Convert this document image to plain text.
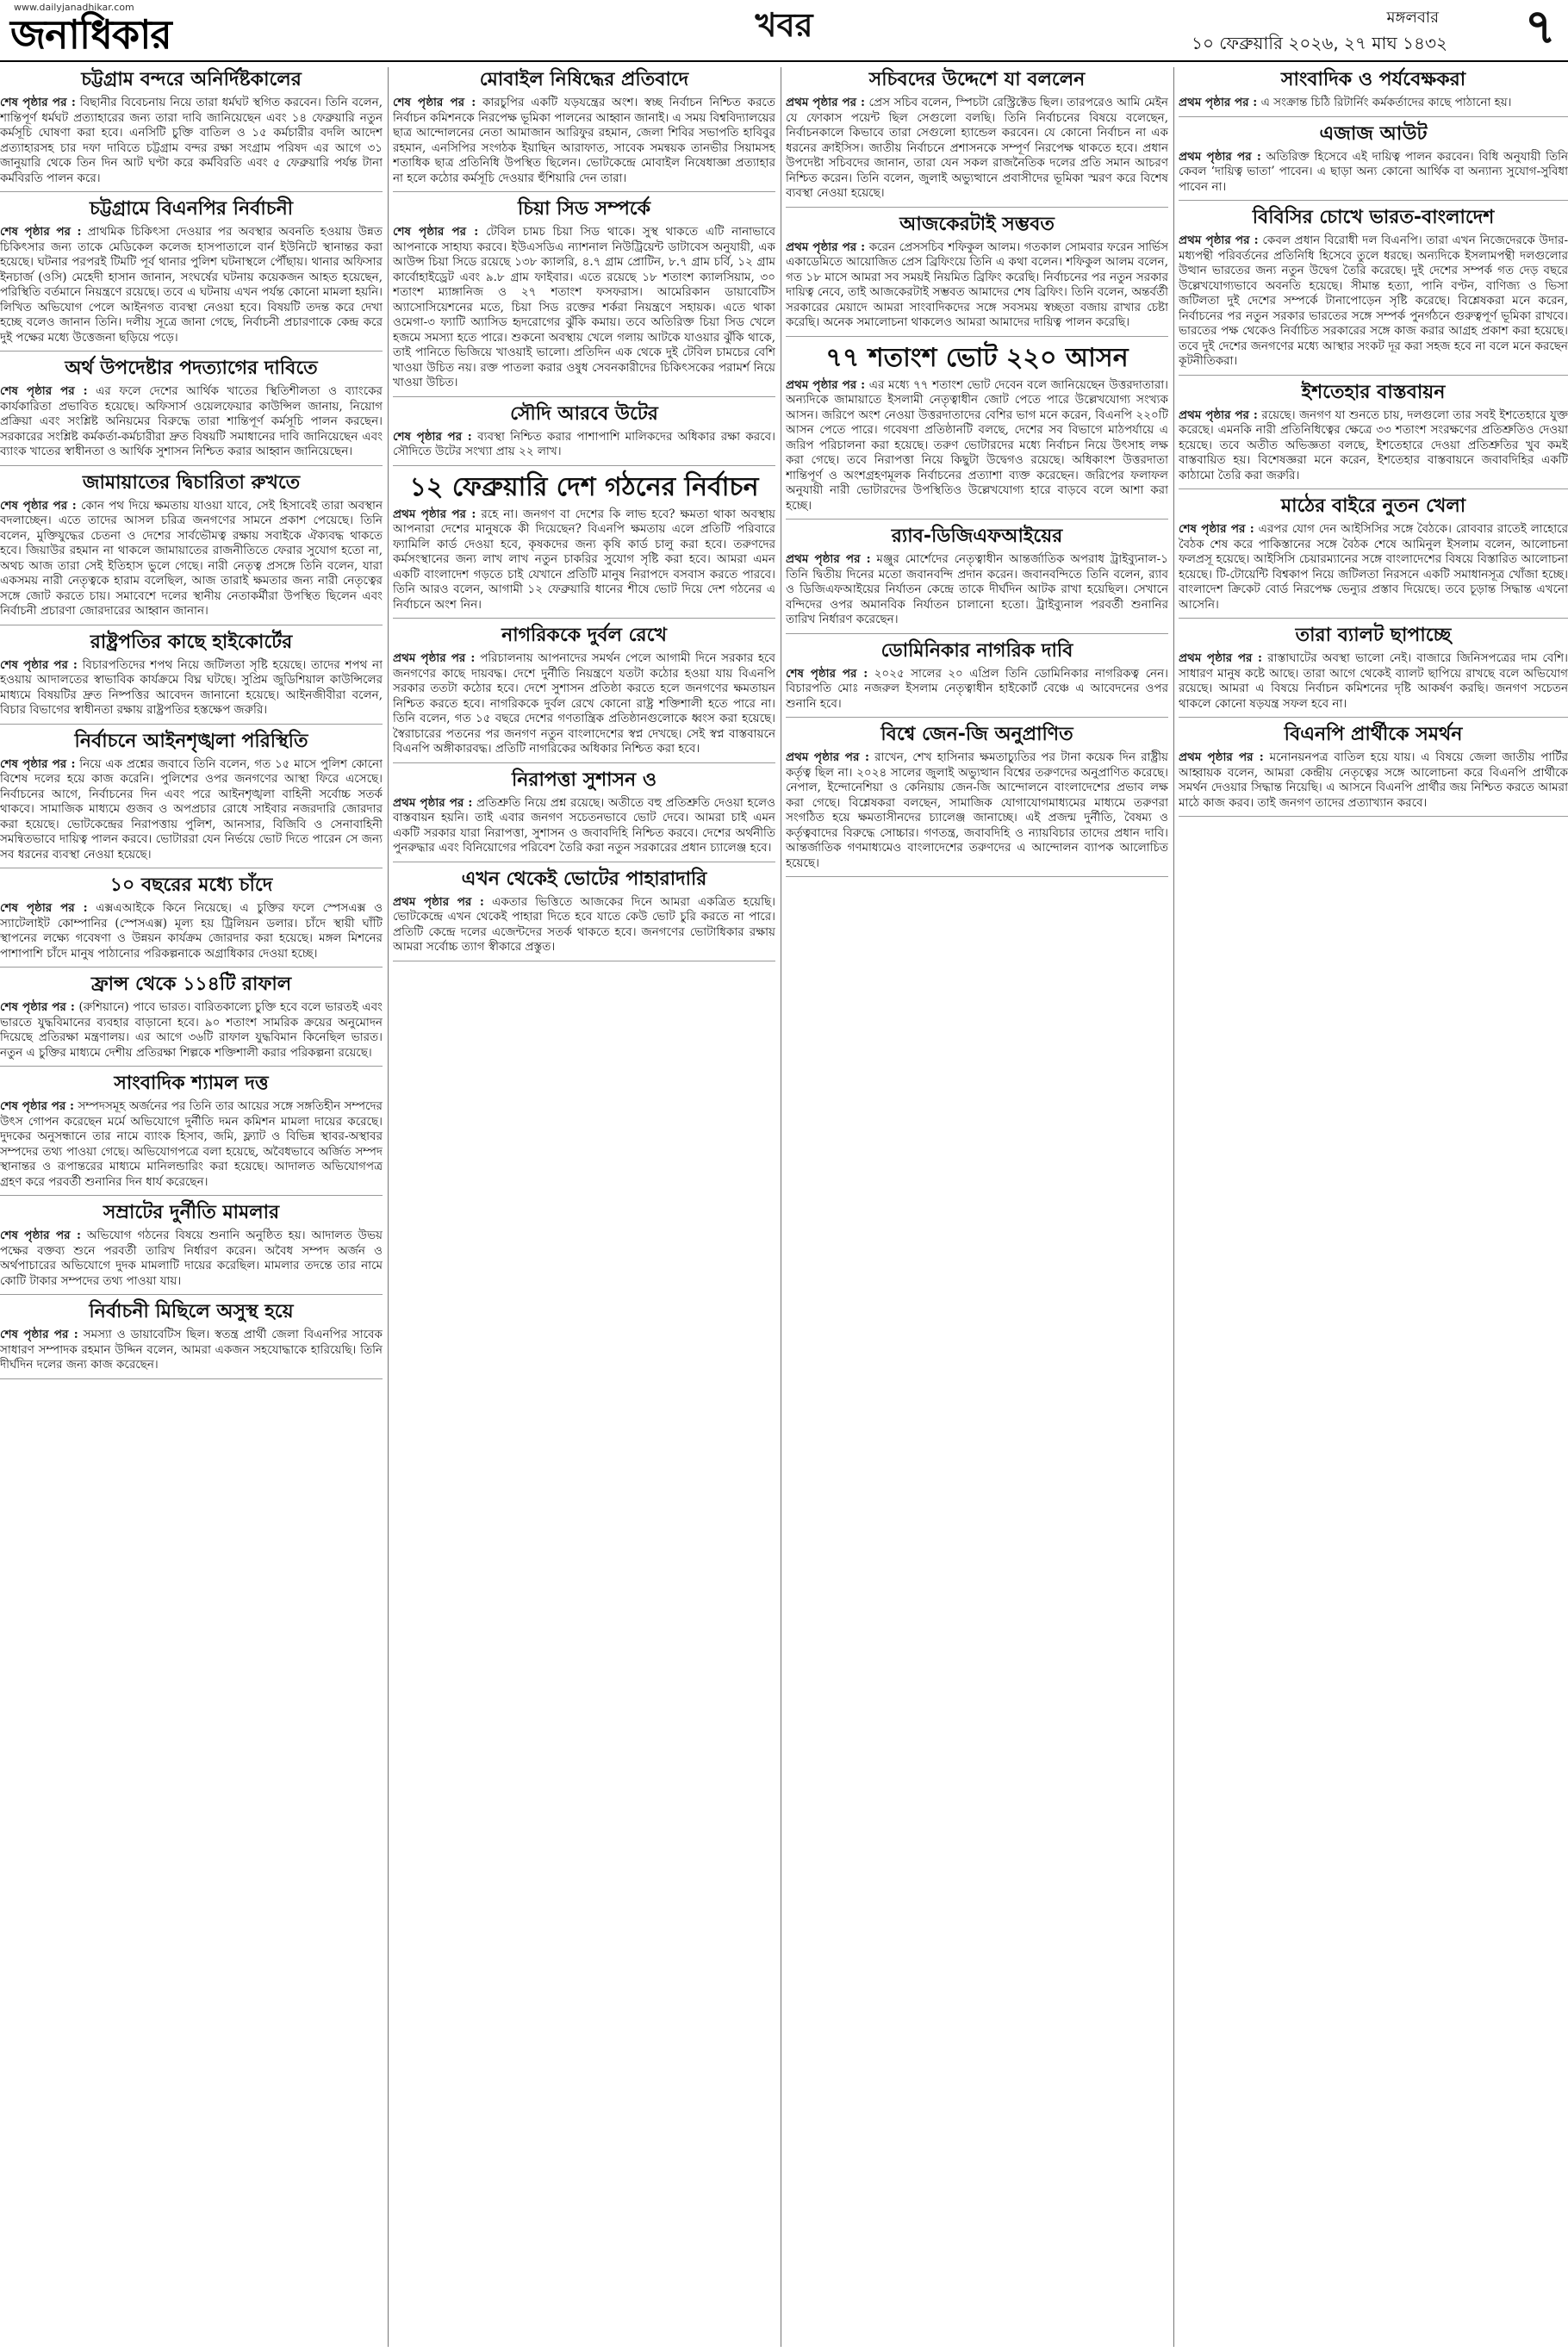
www.dailyjanadhikar.com
জনাধিকার	খবর	মঙ্গলবার
১০ ফেব্রুয়ারি ২০২৬, ২৭ মাঘ ১৪৩২ ৭
চট্টগ্রাম বন্দরে অনির্দিষ্টকালের

শেষ পৃষ্ঠার পর : বিছানীর বিবেচনায় নিয়ে তারা ধর্মঘট স্থগিত করবেন। তিনি বলেন, শান্তিপূর্ণ ধর্মঘট প্রত্যাহারের জন্য তারা দাবি জানিয়েছেন এবং ১৪ ফেব্রুয়ারি নতুন কর্মসূচি ঘোষণা করা হবে। এনসিটি চুক্তি বাতিল ও ১৫ কর্মচারীর বদলি আদেশ প্রত্যাহারসহ চার দফা দাবিতে চট্টগ্রাম বন্দর রক্ষা সংগ্রাম পরিষদ এর আগে ৩১ জানুয়ারি থেকে তিন দিন আট ঘণ্টা করে কর্মবিরতি এবং ৫ ফেব্রুয়ারি পর্যন্ত টানা কর্মবিরতি পালন করে।

চট্টগ্রামে বিএনপির নির্বাচনী

শেষ পৃষ্ঠার পর : প্রাথমিক চিকিৎসা দেওয়ার পর অবস্থার অবনতি হওয়ায় উন্নত চিকিৎসার জন্য তাকে মেডিকেল কলেজ হাসপাতালে বার্ন ইউনিটে স্থানান্তর করা হয়েছে। ঘটনার পরপরই টিমটি পূর্ব থানার পুলিশ ঘটনাস্থলে পৌঁছায়। থানার অফিসার ইনচার্জ (ওসি) মেহেদী হাসান জানান, সংঘর্ষের ঘটনায় কয়েকজন আহত হয়েছেন, পরিস্থিতি বর্তমানে নিয়ন্ত্রণে রয়েছে। তবে এ ঘটনায় এখন পর্যন্ত কোনো মামলা হয়নি। লিখিত অভিযোগ পেলে আইনগত ব্যবস্থা নেওয়া হবে। বিষয়টি তদন্ত করে দেখা হচ্ছে বলেও জানান তিনি। দলীয় সূত্রে জানা গেছে, নির্বাচনী প্রচারণাকে কেন্দ্র করে দুই পক্ষের মধ্যে উত্তেজনা ছড়িয়ে পড়ে।

অর্থ উপদেষ্টার পদত্যাগের দাবিতে

শেষ পৃষ্ঠার পর : এর ফলে দেশের আর্থিক খাতের স্থিতিশীলতা ও ব্যাংকের কার্যকারিতা প্রভাবিত হয়েছে। অফিসার্স ওয়েলফেয়ার কাউন্সিল জানায়, নিয়োগ প্রক্রিয়া এবং সংশ্লিষ্ট অনিয়মের বিরুদ্ধে তারা শান্তিপূর্ণ কর্মসূচি পালন করছেন। সরকারের সংশ্লিষ্ট কর্মকর্তা-কর্মচারীরা দ্রুত বিষয়টি সমাধানের দাবি জানিয়েছেন এবং ব্যাংক খাতের স্বাধীনতা ও আর্থিক সুশাসন নিশ্চিত করার আহ্বান জানিয়েছেন।

জামায়াতের দ্বিচারিতা রুখতে

শেষ পৃষ্ঠার পর : কোন পথ দিয়ে ক্ষমতায় যাওয়া যাবে, সেই হিসাবেই তারা অবস্থান বদলাচ্ছেন। এতে তাদের আসল চরিত্র জনগণের সামনে প্রকাশ পেয়েছে। তিনি বলেন, মুক্তিযুদ্ধের চেতনা ও দেশের সার্বভৌমত্ব রক্ষায় সবাইকে ঐক্যবদ্ধ থাকতে হবে। জিয়াউর রহমান না থাকলে জামায়াতের রাজনীতিতে ফেরার সুযোগ হতো না, অথচ আজ তারা সেই ইতিহাস ভুলে গেছে। নারী নেতৃত্ব প্রসঙ্গে তিনি বলেন, যারা একসময় নারী নেতৃত্বকে হারাম বলেছিল, আজ তারাই ক্ষমতার জন্য নারী নেতৃত্বের সঙ্গে জোট করতে চায়। সমাবেশে দলের স্থানীয় নেতাকর্মীরা উপস্থিত ছিলেন এবং নির্বাচনী প্রচারণা জোরদারের আহ্বান জানান।

রাষ্ট্রপতির কাছে হাইকোর্টের

শেষ পৃষ্ঠার পর : বিচারপতিদের শপথ নিয়ে জটিলতা সৃষ্টি হয়েছে। তাদের শপথ না হওয়ায় আদালতের স্বাভাবিক কার্যক্রমে বিঘ্ন ঘটছে। সুপ্রিম জুডিশিয়াল কাউন্সিলের মাধ্যমে বিষয়টির দ্রুত নিষ্পত্তির আবেদন জানানো হয়েছে। আইনজীবীরা বলেন, বিচার বিভাগের স্বাধীনতা রক্ষায় রাষ্ট্রপতির হস্তক্ষেপ জরুরি।

নির্বাচনে আইনশৃঙ্খলা পরিস্থিতি

শেষ পৃষ্ঠার পর : নিয়ে এক প্রশ্নের জবাবে তিনি বলেন, গত ১৫ মাসে পুলিশ কোনো বিশেষ দলের হয়ে কাজ করেনি। পুলিশের ওপর জনগণের আস্থা ফিরে এসেছে। নির্বাচনের আগে, নির্বাচনের দিন এবং পরে আইনশৃঙ্খলা বাহিনী সর্বোচ্চ সতর্ক থাকবে। সামাজিক মাধ্যমে গুজব ও অপপ্রচার রোধে সাইবার নজরদারি জোরদার করা হয়েছে। ভোটকেন্দ্রের নিরাপত্তায় পুলিশ, আনসার, বিজিবি ও সেনাবাহিনী সমন্বিতভাবে দায়িত্ব পালন করবে। ভোটাররা যেন নির্ভয়ে ভোট দিতে পারেন সে জন্য সব ধরনের ব্যবস্থা নেওয়া হয়েছে।

১০ বছরের মধ্যে চাঁদে

শেষ পৃষ্ঠার পর : এক্সএআইকে কিনে নিয়েছে। এ চুক্তির ফলে স্পেসএক্স ও স্যাটেলাইট কোম্পানির (স্পেসএক্স) মূল্য হয় ট্রিলিয়ন ডলার। চাঁদে স্থায়ী ঘাঁটি স্থাপনের লক্ষ্যে গবেষণা ও উন্নয়ন কার্যক্রম জোরদার করা হয়েছে। মঙ্গল মিশনের পাশাপাশি চাঁদে মানুষ পাঠানোর পরিকল্পনাকে অগ্রাধিকার দেওয়া হচ্ছে।

ফ্রান্স থেকে ১১৪টি রাফাল

শেষ পৃষ্ঠার পর : (রুশিয়ানে) পাবে ভারত। বারিতকাল্যে চুক্তি হবে বলে ভারতই এবং ভারতে যুদ্ধবিমানের ব্যবহার বাড়ানো হবে। ৯০ শতাংশ সামরিক ক্রয়ের অনুমোদন দিয়েছে প্রতিরক্ষা মন্ত্রণালয়। এর আগে ৩৬টি রাফাল যুদ্ধবিমান কিনেছিল ভারত। নতুন এ চুক্তির মাধ্যমে দেশীয় প্রতিরক্ষা শিল্পকে শক্তিশালী করার পরিকল্পনা রয়েছে।

সাংবাদিক শ্যামল দত্ত

শেষ পৃষ্ঠার পর : সম্পদসমূহ অর্জনের পর তিনি তার আয়ের সঙ্গে সঙ্গতিহীন সম্পদের উৎস গোপন করেছেন মর্মে অভিযোগে দুর্নীতি দমন কমিশন মামলা দায়ের করেছে। দুদকের অনুসন্ধানে তার নামে ব্যাংক হিসাব, জমি, ফ্ল্যাট ও বিভিন্ন স্থাবর-অস্থাবর সম্পদের তথ্য পাওয়া গেছে। অভিযোগপত্রে বলা হয়েছে, অবৈধভাবে অর্জিত সম্পদ স্থানান্তর ও রূপান্তরের মাধ্যমে মানিলন্ডারিং করা হয়েছে। আদালত অভিযোগপত্র গ্রহণ করে পরবর্তী শুনানির দিন ধার্য করেছেন।

সম্রাটের দুর্নীতি মামলার

শেষ পৃষ্ঠার পর : অভিযোগ গঠনের বিষয়ে শুনানি অনুষ্ঠিত হয়। আদালত উভয় পক্ষের বক্তব্য শুনে পরবর্তী তারিখ নির্ধারণ করেন। অবৈধ সম্পদ অর্জন ও অর্থপাচারের অভিযোগে দুদক মামলাটি দায়ের করেছিল। মামলার তদন্তে তার নামে কোটি টাকার সম্পদের তথ্য পাওয়া যায়।

নির্বাচনী মিছিলে অসুস্থ হয়ে

শেষ পৃষ্ঠার পর : সমস্যা ও ডায়াবেটিস ছিল। স্বতন্ত্র প্রার্থী জেলা বিএনপির সাবেক সাধারণ সম্পাদক রহমান উদ্দিন বলেন, আমরা একজন সহযোদ্ধাকে হারিয়েছি। তিনি দীর্ঘদিন দলের জন্য কাজ করেছেন।

মোবাইল নিষিদ্ধের প্রতিবাদে

শেষ পৃষ্ঠার পর : কারচুপির একটি যড়যন্ত্রের অংশ। স্বচ্ছ নির্বাচন নিশ্চিত করতে নির্বাচন কমিশনকে নিরপেক্ষ ভূমিকা পালনের আহ্বান জানাই। এ সময় বিশ্ববিদ্যালয়ের ছাত্র আন্দোলনের নেতা আমাজান আরিফুর রহমান, জেলা শিবির সভাপতি হাবিবুর রহমান, এনসিপির সংগঠক ইয়াছিন আরাফাত, সাবেক সমন্বয়ক তানভীর সিয়ামসহ শতাধিক ছাত্র প্রতিনিধি উপস্থিত ছিলেন। ভোটকেন্দ্রে মোবাইল নিষেধাজ্ঞা প্রত্যাহার না হলে কঠোর কর্মসূচি দেওয়ার হুঁশিয়ারি দেন তারা।

চিয়া সিড সম্পর্কে

শেষ পৃষ্ঠার পর : টেবিল চামচ চিয়া সিড থাকে। সুস্থ থাকতে এটি নানাভাবে আপনাকে সাহায্য করবে। ইউএসডিএ ন্যাশনাল নিউট্রিয়েন্ট ডাটাবেস অনুযায়ী, এক আউন্স চিয়া সিডে রয়েছে ১৩৮ ক্যালরি, ৪.৭ গ্রাম প্রোটিন, ৮.৭ গ্রাম চর্বি, ১২ গ্রাম কার্বোহাইড্রেট এবং ৯.৮ গ্রাম ফাইবার। এতে রয়েছে ১৮ শতাংশ ক্যালসিয়াম, ৩০ শতাংশ ম্যাঙ্গানিজ ও ২৭ শতাংশ ফসফরাস। আমেরিকান ডায়াবেটিস অ্যাসোসিয়েশনের মতে, চিয়া সিড রক্তের শর্করা নিয়ন্ত্রণে সহায়ক। এতে থাকা ওমেগা-৩ ফ্যাটি অ্যাসিড হৃদরোগের ঝুঁকি কমায়। তবে অতিরিক্ত চিয়া সিড খেলে হজমে সমস্যা হতে পারে। শুকনো অবস্থায় খেলে গলায় আটকে যাওয়ার ঝুঁকি থাকে, তাই পানিতে ভিজিয়ে খাওয়াই ভালো। প্রতিদিন এক থেকে দুই টেবিল চামচের বেশি খাওয়া উচিত নয়। রক্ত পাতলা করার ওষুধ সেবনকারীদের চিকিৎসকের পরামর্শ নিয়ে খাওয়া উচিত।

সৌদি আরবে উটের

শেষ পৃষ্ঠার পর : ব্যবস্থা নিশ্চিত করার পাশাপাশি মালিকদের অধিকার রক্ষা করবে। সৌদিতে উটের সংখ্যা প্রায় ২২ লাখ।

১২ ফেব্রুয়ারি দেশ গঠনের নির্বাচন

প্রথম পৃষ্ঠার পর : রহে না। জনগণ বা দেশের কি লাভ হবে? ক্ষমতা থাকা অবস্থায় আপনারা দেশের মানুষকে কী দিয়েছেন? বিএনপি ক্ষমতায় এলে প্রতিটি পরিবারে ফ্যামিলি কার্ড দেওয়া হবে, কৃষকদের জন্য কৃষি কার্ড চালু করা হবে। তরুণদের কর্মসংস্থানের জন্য লাখ লাখ নতুন চাকরির সুযোগ সৃষ্টি করা হবে। আমরা এমন একটি বাংলাদেশ গড়তে চাই যেখানে প্রতিটি মানুষ নিরাপদে বসবাস করতে পারবে। তিনি আরও বলেন, আগামী ১২ ফেব্রুয়ারি ধানের শীষে ভোট দিয়ে দেশ গঠনের এ নির্বাচনে অংশ নিন।

নাগরিককে দুর্বল রেখে

প্রথম পৃষ্ঠার পর : পরিচালনায় আপনাদের সমর্থন পেলে আগামী দিনে সরকার হবে জনগণের কাছে দায়বদ্ধ। দেশে দুর্নীতি নিয়ন্ত্রণে যতটা কঠোর হওয়া যায় বিএনপি সরকার ততটা কঠোর হবে। দেশে সুশাসন প্রতিষ্ঠা করতে হলে জনগণের ক্ষমতায়ন নিশ্চিত করতে হবে। নাগরিককে দুর্বল রেখে কোনো রাষ্ট্র শক্তিশালী হতে পারে না। তিনি বলেন, গত ১৫ বছরে দেশের গণতান্ত্রিক প্রতিষ্ঠানগুলোকে ধ্বংস করা হয়েছে। স্বৈরাচারের পতনের পর জনগণ নতুন বাংলাদেশের স্বপ্ন দেখছে। সেই স্বপ্ন বাস্তবায়নে বিএনপি অঙ্গীকারবদ্ধ। প্রতিটি নাগরিকের অধিকার নিশ্চিত করা হবে।

নিরাপত্তা সুশাসন ও

প্রথম পৃষ্ঠার পর : প্রতিশ্রুতি নিয়ে প্রশ্ন রয়েছে। অতীতে বহু প্রতিশ্রুতি দেওয়া হলেও বাস্তবায়ন হয়নি। তাই এবার জনগণ সচেতনভাবে ভোট দেবে। আমরা চাই এমন একটি সরকার যারা নিরাপত্তা, সুশাসন ও জবাবদিহি নিশ্চিত করবে। দেশের অর্থনীতি পুনরুদ্ধার এবং বিনিয়োগের পরিবেশ তৈরি করা নতুন সরকারের প্রধান চ্যালেঞ্জ হবে।

এখন থেকেই ভোটের পাহারাদারি

প্রথম পৃষ্ঠার পর : একতার ভিত্তিতে আজকের দিনে আমরা একত্রিত হয়েছি। ভোটকেন্দ্রে এখন থেকেই পাহারা দিতে হবে যাতে কেউ ভোট চুরি করতে না পারে। প্রতিটি কেন্দ্রে দলের এজেন্টদের সতর্ক থাকতে হবে। জনগণের ভোটাধিকার রক্ষায় আমরা সর্বোচ্চ ত্যাগ স্বীকারে প্রস্তুত।

সচিবদের উদ্দেশে যা বললেন

প্রথম পৃষ্ঠার পর : প্রেস সচিব বলেন, স্পিচটা রেস্ট্রিক্টেড ছিল। তারপরেও আমি মেইন যে ফোকাস পয়েন্ট ছিল সেগুলো বলছি। তিনি নির্বাচনের বিষয়ে বলেছেন, নির্বাচনকালে কিভাবে তারা সেগুলো হ্যান্ডেল করবেন। যে কোনো নির্বাচন না এক ধরনের ক্রাইসিস। জাতীয় নির্বাচনে প্রশাসনকে সম্পূর্ণ নিরপেক্ষ থাকতে হবে। প্রধান উপদেষ্টা সচিবদের জানান, তারা যেন সকল রাজনৈতিক দলের প্রতি সমান আচরণ নিশ্চিত করেন। তিনি বলেন, জুলাই অভ্যুত্থানে প্রবাসীদের ভূমিকা স্মরণ করে বিশেষ ব্যবস্থা নেওয়া হয়েছে।

আজকেরটাই সম্ভবত

প্রথম পৃষ্ঠার পর : করেন প্রেসসচিব শফিকুল আলম। গতকাল সোমবার ফরেন সার্ভিস একাডেমিতে আয়োজিত প্রেস ব্রিফিংয়ে তিনি এ কথা বলেন। শফিকুল আলম বলেন, গত ১৮ মাসে আমরা সব সময়ই নিয়মিত ব্রিফিং করেছি। নির্বাচনের পর নতুন সরকার দায়িত্ব নেবে, তাই আজকেরটাই সম্ভবত আমাদের শেষ ব্রিফিং। তিনি বলেন, অন্তর্বর্তী সরকারের মেয়াদে আমরা সাংবাদিকদের সঙ্গে সবসময় স্বচ্ছতা বজায় রাখার চেষ্টা করেছি। অনেক সমালোচনা থাকলেও আমরা আমাদের দায়িত্ব পালন করেছি।

৭৭ শতাংশ ভোট ২২০ আসন

প্রথম পৃষ্ঠার পর : এর মধ্যে ৭৭ শতাংশ ভোট দেবেন বলে জানিয়েছেন উত্তরদাতারা। অন্যদিকে জামায়াতে ইসলামী নেতৃত্বাধীন জোট পেতে পারে উল্লেখযোগ্য সংখ্যক আসন। জরিপে অংশ নেওয়া উত্তরদাতাদের বেশির ভাগ মনে করেন, বিএনপি ২২০টি আসন পেতে পারে। গবেষণা প্রতিষ্ঠানটি বলছে, দেশের সব বিভাগে মাঠপর্যায়ে এ জরিপ পরিচালনা করা হয়েছে। তরুণ ভোটারদের মধ্যে নির্বাচন নিয়ে উৎসাহ লক্ষ করা গেছে। তবে নিরাপত্তা নিয়ে কিছুটা উদ্বেগও রয়েছে। অধিকাংশ উত্তরদাতা শান্তিপূর্ণ ও অংশগ্রহণমূলক নির্বাচনের প্রত্যাশা ব্যক্ত করেছেন। জরিপের ফলাফল অনুযায়ী নারী ভোটারদের উপস্থিতিও উল্লেখযোগ্য হারে বাড়বে বলে আশা করা হচ্ছে।

র‍্যাব-ডিজিএফআইয়ের

প্রথম পৃষ্ঠার পর : মঞ্জুর মোর্শেদের নেতৃত্বাধীন আন্তর্জাতিক অপরাধ ট্রাইব্যুনাল-১ তিনি দ্বিতীয় দিনের মতো জবানবন্দি প্রদান করেন। জবানবন্দিতে তিনি বলেন, র‍্যাব ও ডিজিএফআইয়ের নির্যাতন কেন্দ্রে তাকে দীর্ঘদিন আটক রাখা হয়েছিল। সেখানে বন্দিদের ওপর অমানবিক নির্যাতন চালানো হতো। ট্রাইব্যুনাল পরবর্তী শুনানির তারিখ নির্ধারণ করেছেন।

ডোমিনিকার নাগরিক দাবি

শেষ পৃষ্ঠার পর : ২০২৫ সালের ২০ এপ্রিল তিনি ডোমিনিকার নাগরিকত্ব নেন। বিচারপতি মোঃ নজরুল ইসলাম নেতৃত্বাধীন হাইকোর্ট বেঞ্চে এ আবেদনের ওপর শুনানি হবে।

বিশ্বে জেন-জি অনুপ্রাণিত

প্রথম পৃষ্ঠার পর : রাখেন, শেখ হাসিনার ক্ষমতাচ্যুতির পর টানা কয়েক দিন রাষ্ট্রীয় কর্তৃত্ব ছিল না। ২০২৪ সালের জুলাই অভ্যুত্থান বিশ্বের তরুণদের অনুপ্রাণিত করেছে। নেপাল, ইন্দোনেশিয়া ও কেনিয়ায় জেন-জি আন্দোলনে বাংলাদেশের প্রভাব লক্ষ করা গেছে। বিশ্লেষকরা বলছেন, সামাজিক যোগাযোগমাধ্যমের মাধ্যমে তরুণরা সংগঠিত হয়ে ক্ষমতাসীনদের চ্যালেঞ্জ জানাচ্ছে। এই প্রজন্ম দুর্নীতি, বৈষম্য ও কর্তৃত্ববাদের বিরুদ্ধে সোচ্চার। গণতন্ত্র, জবাবদিহি ও ন্যায়বিচার তাদের প্রধান দাবি। আন্তর্জাতিক গণমাধ্যমেও বাংলাদেশের তরুণদের এ আন্দোলন ব্যাপক আলোচিত হয়েছে।

সাংবাদিক ও পর্যবেক্ষকরা

প্রথম পৃষ্ঠার পর : এ সংক্রান্ত চিঠি রিটার্নিং কর্মকর্তাদের কাছে পাঠানো হয়।

এজাজ আউট

প্রথম পৃষ্ঠার পর : অতিরিক্ত হিসেবে এই দায়িত্ব পালন করবেন। বিধি অনুযায়ী তিনি কেবল ‘দায়িত্ব ভাতা’ পাবেন। এ ছাড়া অন্য কোনো আর্থিক বা অন্যান্য সুযোগ-সুবিধা পাবেন না।

বিবিসির চোখে ভারত-বাংলাদেশ

প্রথম পৃষ্ঠার পর : কেবল প্রধান বিরোধী দল বিএনপি। তারা এখন নিজেদেরকে উদার-মধ্যপন্থী পরিবর্তনের প্রতিনিধি হিসেবে তুলে ধরছে। অন্যদিকে ইসলামপন্থী দলগুলোর উত্থান ভারতের জন্য নতুন উদ্বেগ তৈরি করেছে। দুই দেশের সম্পর্ক গত দেড় বছরে উল্লেখযোগ্যভাবে অবনতি হয়েছে। সীমান্ত হত্যা, পানি বণ্টন, বাণিজ্য ও ভিসা জটিলতা দুই দেশের সম্পর্কে টানাপোড়েন সৃষ্টি করেছে। বিশ্লেষকরা মনে করেন, নির্বাচনের পর নতুন সরকার ভারতের সঙ্গে সম্পর্ক পুনর্গঠনে গুরুত্বপূর্ণ ভূমিকা রাখবে। ভারতের পক্ষ থেকেও নির্বাচিত সরকারের সঙ্গে কাজ করার আগ্রহ প্রকাশ করা হয়েছে। তবে দুই দেশের জনগণের মধ্যে আস্থার সংকট দূর করা সহজ হবে না বলে মনে করছেন কূটনীতিকরা।

ইশতেহার বাস্তবায়ন

প্রথম পৃষ্ঠার পর : রয়েছে। জনগণ যা শুনতে চায়, দলগুলো তার সবই ইশতেহারে যুক্ত করেছে। এমনকি নারী প্রতিনিধিত্বের ক্ষেত্রে ৩৩ শতাংশ সংরক্ষণের প্রতিশ্রুতিও দেওয়া হয়েছে। তবে অতীত অভিজ্ঞতা বলছে, ইশতেহারে দেওয়া প্রতিশ্রুতির খুব কমই বাস্তবায়িত হয়। বিশেষজ্ঞরা মনে করেন, ইশতেহার বাস্তবায়নে জবাবদিহির একটি কাঠামো তৈরি করা জরুরি।

মাঠের বাইরে নুতন খেলা

শেষ পৃষ্ঠার পর : এরপর যোগ দেন আইসিসির সঙ্গে বৈঠকে। রোববার রাতেই লাহোরে বৈঠক শেষ করে পাকিস্তানের সঙ্গে বৈঠক শেষে আমিনুল ইসলাম বলেন, আলোচনা ফলপ্রসূ হয়েছে। আইসিসি চেয়ারম্যানের সঙ্গে বাংলাদেশের বিষয়ে বিস্তারিত আলোচনা হয়েছে। টি-টোয়েন্টি বিশ্বকাপ নিয়ে জটিলতা নিরসনে একটি সমাধানসূত্র খোঁজা হচ্ছে। বাংলাদেশ ক্রিকেট বোর্ড নিরপেক্ষ ভেন্যুর প্রস্তাব দিয়েছে। তবে চূড়ান্ত সিদ্ধান্ত এখনো আসেনি।

তারা ব্যালট ছাপাচ্ছে

প্রথম পৃষ্ঠার পর : রাস্তাঘাটের অবস্থা ভালো নেই। বাজারে জিনিসপত্রের দাম বেশি। সাধারণ মানুষ কষ্টে আছে। তারা আগে থেকেই ব্যালট ছাপিয়ে রাখছে বলে অভিযোগ রয়েছে। আমরা এ বিষয়ে নির্বাচন কমিশনের দৃষ্টি আকর্ষণ করছি। জনগণ সচেতন থাকলে কোনো ষড়যন্ত্র সফল হবে না।

বিএনপি প্রার্থীকে সমর্থন

প্রথম পৃষ্ঠার পর : মনোনয়নপত্র বাতিল হয়ে যায়। এ বিষয়ে জেলা জাতীয় পার্টির আহ্বায়ক বলেন, আমরা কেন্দ্রীয় নেতৃত্বের সঙ্গে আলোচনা করে বিএনপি প্রার্থীকে সমর্থন দেওয়ার সিদ্ধান্ত নিয়েছি। এ আসনে বিএনপি প্রার্থীর জয় নিশ্চিত করতে আমরা মাঠে কাজ করব। তাই জনগণ তাদের প্রত্যাখ্যান করবে।
